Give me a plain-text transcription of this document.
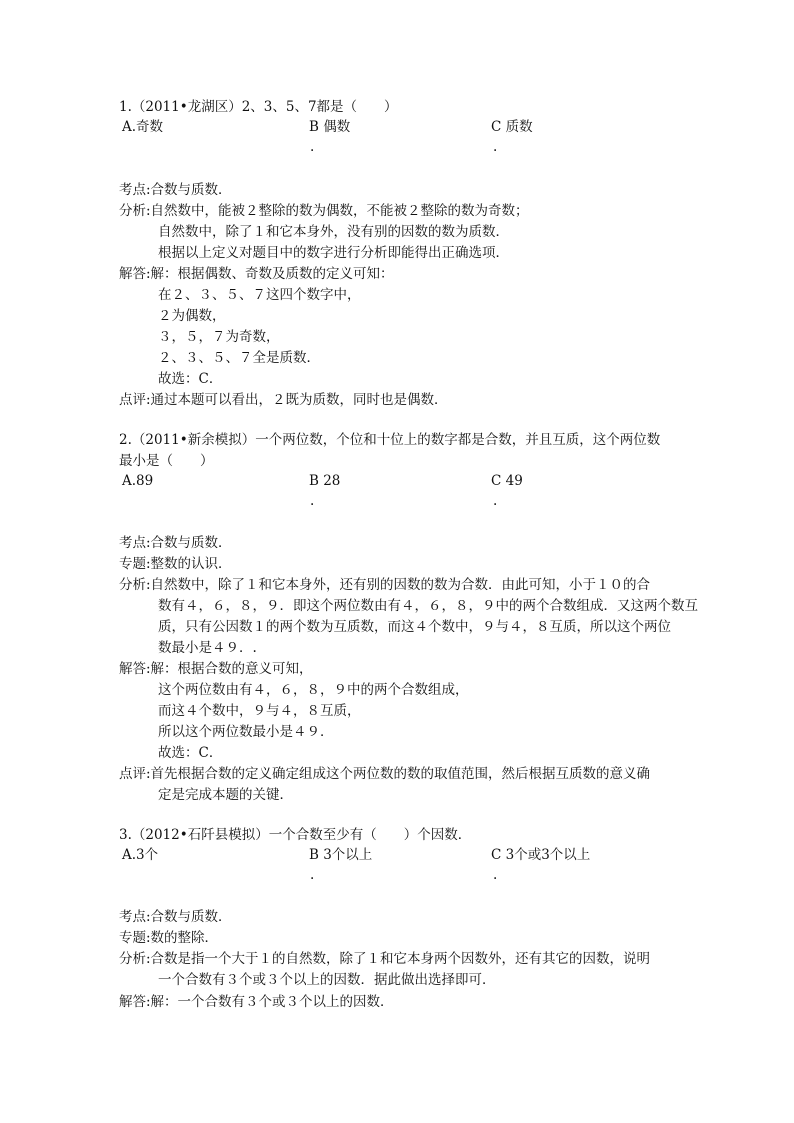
1.（2011•龙湖区）2、3、5、7都是（　　）
A.奇数	B 偶数	C 质数
.	.
考点:合数与质数．
分析:自然数中，能被２整除的数为偶数，不能被２整除的数为奇数；
自然数中，除了１和它本身外，没有别的因数的数为质数．
根据以上定义对题目中的数字进行分析即能得出正确选项．
解答:解：根据偶数、奇数及质数的定义可知：
在２、３、５、７这四个数字中，
２为偶数，
３，５，７为奇数，
２、３、５、７全是质数．
故选：C．
点评:通过本题可以看出，２既为质数，同时也是偶数．
2.（2011•新余模拟）一个两位数，个位和十位上的数字都是合数，并且互质，这个两位数
最小是（　　）
A.89	B 28	C 49
.	.
考点:合数与质数．
专题:整数的认识．
分析:自然数中，除了１和它本身外，还有别的因数的数为合数．由此可知，小于１０的合
数有４，６，８，９．即这个两位数由有４，６，８，９中的两个合数组成．又这两个数互
质，只有公因数１的两个数为互质数，而这４个数中，９与４，８互质，所以这个两位
数最小是４９．.
解答:解：根据合数的意义可知，
这个两位数由有４，６，８，９中的两个合数组成，
而这４个数中，９与４，８互质，
所以这个两位数最小是４９．
故选：C．
点评:首先根据合数的定义确定组成这个两位数的数的取值范围，然后根据互质数的意义确
定是完成本题的关键．
3.（2012•石阡县模拟）一个合数至少有（　　）个因数．
A.3个	B 3个以上	C 3个或3个以上
.	.
考点:合数与质数．
专题:数的整除．
分析:合数是指一个大于１的自然数，除了１和它本身两个因数外，还有其它的因数，说明
一个合数有３个或３个以上的因数．据此做出选择即可．
解答:解：一个合数有３个或３个以上的因数．
